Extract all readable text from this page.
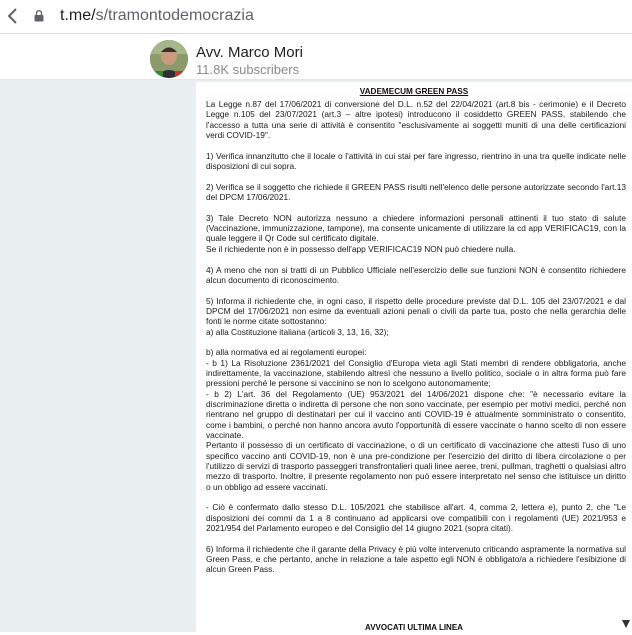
t.me/s/tramontodemocrazia
Avv. Marco Mori
11.8K subscribers
VADEMECUM GREEN PASS

La Legge n.87 del 17/06/2021 di conversione del D.L. n.52 del 22/04/2021 (art.8 bis - cerimonie) e il Decreto Legge n.105 del 23/07/2021 (art.3 – altre ipotesi) introducono il cosiddetto GREEN PASS, stabilendo che l'accesso a tutta una serie di attività è consentito "esclusivamente ai soggetti muniti di una delle certificazioni verdi COVID-19".

1) Verifica innanzitutto che il locale o l'attività in cui stai per fare ingresso, rientrino in una tra quelle indicate nelle disposizioni di cui sopra.

2) Verifica se il soggetto che richiede il GREEN PASS risulti nell'elenco delle persone autorizzate secondo l'art.13 del DPCM 17/06/2021.

3) Tale Decreto NON autorizza nessuno a chiedere informazioni personali attinenti il tuo stato di salute (Vaccinazione, immunizzazione, tampone), ma consente unicamente di utilizzare la cd app VERIFICAC19, con la quale leggere il Qr Code sul certificato digitale.
Se il richiedente non è in possesso dell'app VERIFICAC19 NON può chiedere nulla.

4) A meno che non si tratti di un Pubblico Ufficiale nell'esercizio delle sue funzioni NON è consentito richiedere alcun documento di riconoscimento.

5) Informa il richiedente che, in ogni caso, il rispetto delle procedure previste dal D.L. 105 del 23/07/2021 e dal DPCM del 17/06/2021 non esime da eventuali azioni penali o civili da parte tua, posto che nella gerarchia delle fonti le norme citate sottostanno:
a) alla Costituzione italiana (articoli 3, 13, 16, 32);

b) alla normativa ed ai regolamenti europei:
- b 1) La Risoluzione 2361/2021 del Consiglio d'Europa vieta agli Stati membri di rendere obbligatoria, anche indirettamente, la vaccinazione, stabilendo altresì che nessuno a livello politico, sociale o in altra forma può fare pressioni perché le persone si vaccinino se non lo scelgono autonomamente;
- b 2) L'art. 36 del Regolamento (UE) 953/2021 del 14/06/2021 dispone che: "è necessario evitare la discriminazione diretta o indiretta di persone che non sono vaccinate, per esempio per motivi medici, perché non rientrano nel gruppo di destinatari per cui il vaccino anti COVID-19 è attualmente somministrato o consentito, come i bambini, o perché non hanno ancora avuto l'opportunità di essere vaccinate o hanno scelto di non essere vaccinate.
Pertanto il possesso di un certificato di vaccinazione, o di un certificato di vaccinazione che attesti l'uso di uno specifico vaccino anti COVID-19, non è una pre-condizione per l'esercizio del diritto di libera circolazione o per l'utilizzo di servizi di trasporto passeggeri transfrontalieri quali linee aeree, treni, pullman, traghetti o qualsiasi altro mezzo di trasporto. Inoltre, il presente regolamento non può essere interpretato nel senso che istituisce un diritto o un obbligo ad essere vaccinati.

- Ciò è confermato dallo stesso D.L. 105/2021 che stabilisce all'art. 4, comma 2, lettera e), punto 2, che "Le disposizioni dei commi da 1 a 8 continuano ad applicarsi ove compatibili con i regolamenti (UE) 2021/953 e 2021/954 del Parlamento europeo e del Consiglio del 14 giugno 2021 (sopra citati).

6) Informa il richiedente che il garante della Privacy è più volte intervenuto criticando aspramente la normativa sul Green Pass, e che pertanto, anche in relazione a tale aspetto egli NON è obbligato/a a richiedere l'esibizione di alcun Green Pass.

AVVOCATI ULTIMA LINEA
